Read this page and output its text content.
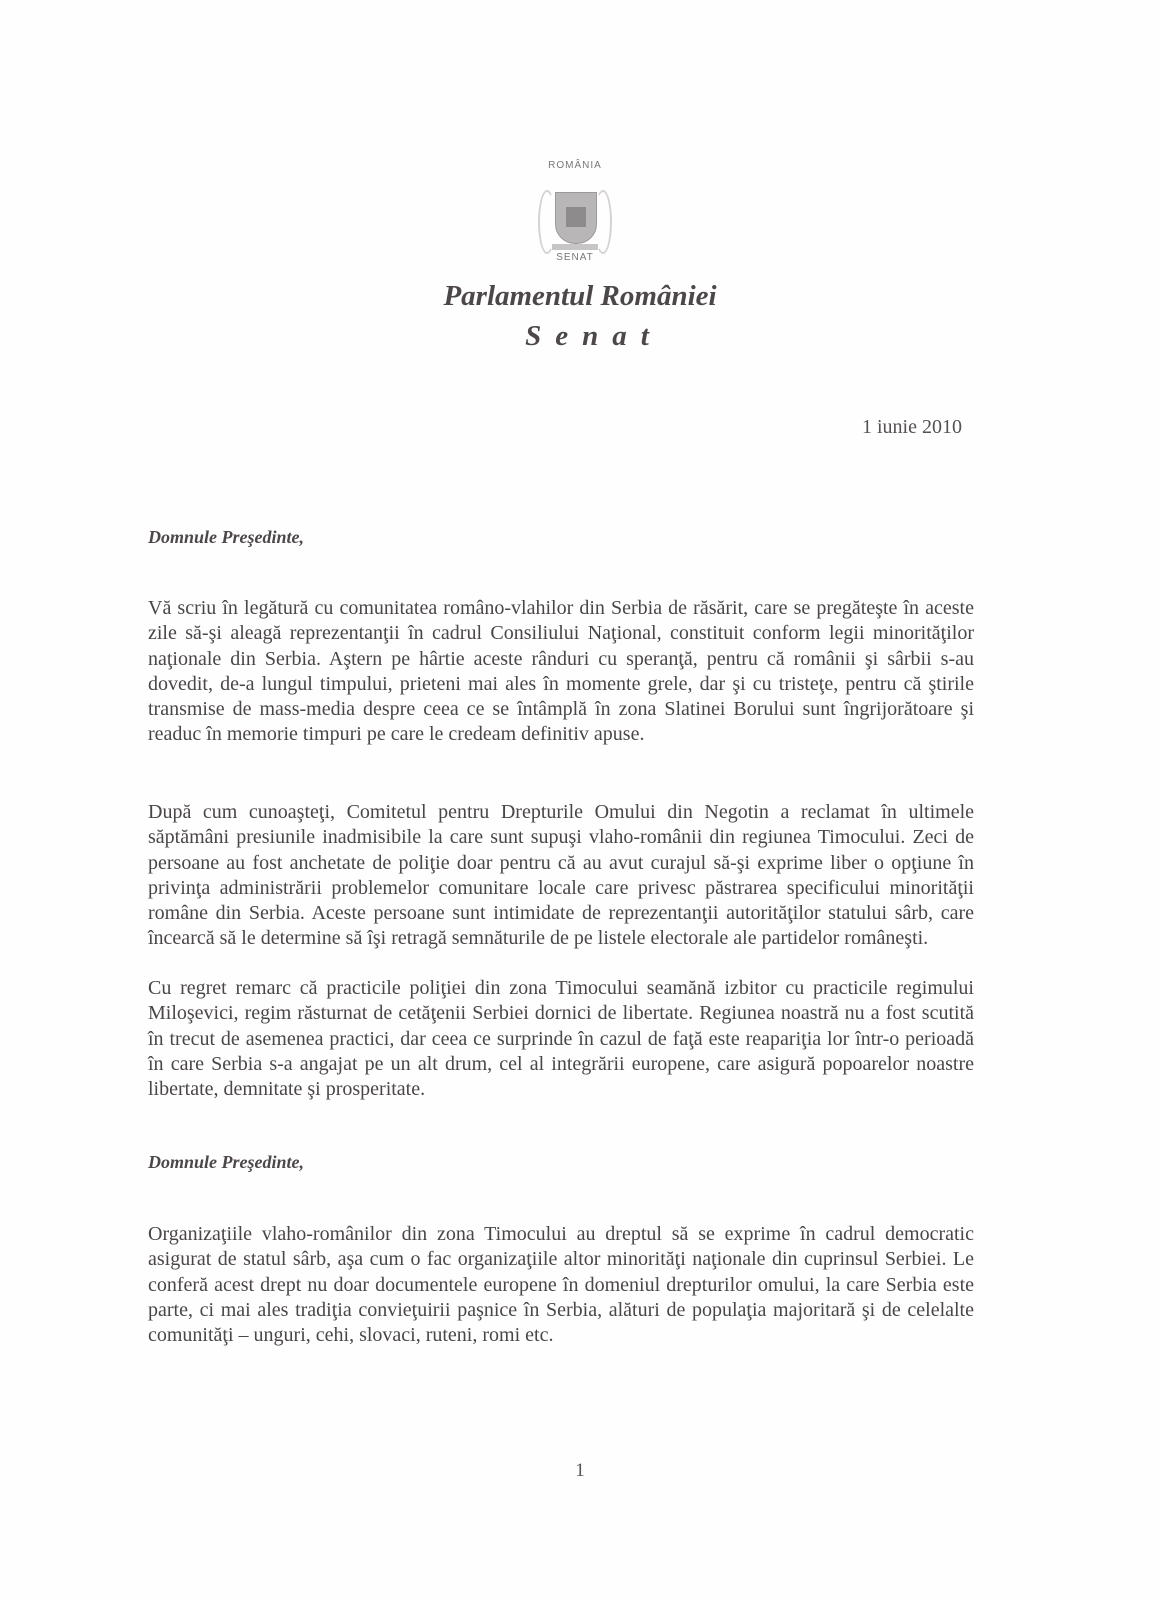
ROMÂNIA
SENAT
Parlamentul României
Senat
1 iunie 2010
Domnule Preşedinte,

Vă scriu în legătură cu comunitatea româno-vlahilor din Serbia de răsărit, care se pregăteşte în aceste zile să-şi aleagă reprezentanţii în cadrul Consiliului Naţional, constituit conform legii minorităţilor naţionale din Serbia. Aştern pe hârtie aceste rânduri cu speranţă, pentru că românii şi sârbii s-au dovedit, de-a lungul timpului, prieteni mai ales în momente grele, dar şi cu tristeţe, pentru că ştirile transmise de mass-media despre ceea ce se întâmplă în zona Slatinei Borului sunt îngrijorătoare şi readuc în memorie timpuri pe care le credeam definitiv apuse.

După cum cunoaşteţi, Comitetul pentru Drepturile Omului din Negotin a reclamat în ultimele săptămâni presiunile inadmisibile la care sunt supuşi vlaho-românii din regiunea Timocului. Zeci de persoane au fost anchetate de poliţie doar pentru că au avut curajul să-şi exprime liber o opţiune în privinţa administrării problemelor comunitare locale care privesc păstrarea specificului minorităţii române din Serbia. Aceste persoane sunt intimidate de reprezentanţii autorităţilor statului sârb, care încearcă să le determine să îşi retragă semnăturile de pe listele electorale ale partidelor româneşti.

Cu regret remarc că practicile poliţiei din zona Timocului seamănă izbitor cu practicile regimului Miloşevici, regim răsturnat de cetăţenii Serbiei dornici de libertate. Regiunea noastră nu a fost scutită în trecut de asemenea practici, dar ceea ce surprinde în cazul de faţă este reapariţia lor într-o perioadă în care Serbia s-a angajat pe un alt drum, cel al integrării europene, care asigură popoarelor noastre libertate, demnitate şi prosperitate.

Domnule Preşedinte,

Organizaţiile vlaho-românilor din zona Timocului au dreptul să se exprime în cadrul democratic asigurat de statul sârb, aşa cum o fac organizaţiile altor minorităţi naţionale din cuprinsul Serbiei. Le conferă acest drept nu doar documentele europene în domeniul drepturilor omului, la care Serbia este parte, ci mai ales tradiţia convieţuirii paşnice în Serbia, alături de populaţia majoritară şi de celelalte comunităţi – unguri, cehi, slovaci, ruteni, romi etc.

1
